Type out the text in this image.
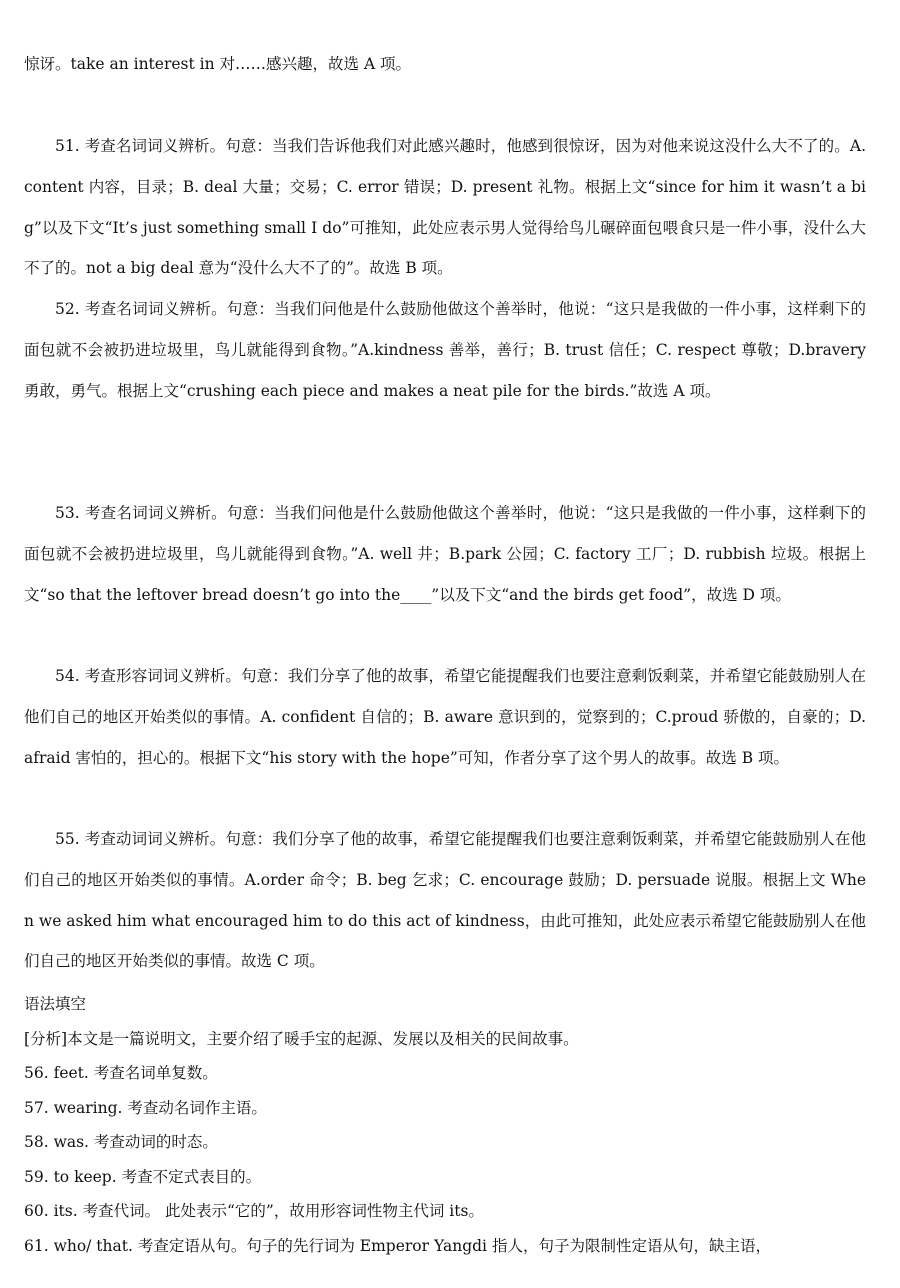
惊讶。take an interest in 对……感兴趣，故选 A 项。

51. 考查名词词义辨析。句意：当我们告诉他我们对此感兴趣时，他感到很惊讶，因为对他来说这没什么大不了的。A.content 内容，目录；B. deal 大量；交易；C. error 错误；D. present 礼物。根据上文“since for him it wasn’t a big”以及下文“It’s just something small I do”可推知，此处应表示男人觉得给鸟儿碾碎面包喂食只是一件小事，没什么大不了的。not a big deal 意为“没什么大不了的”。故选 B 项。

52. 考查名词词义辨析。句意：当我们问他是什么鼓励他做这个善举时，他说：“这只是我做的一件小事，这样剩下的面包就不会被扔进垃圾里，鸟儿就能得到食物。”A.kindness 善举，善行；B. trust 信任；C. respect 尊敬；D.bravery 勇敢，勇气。根据上文“crushing each piece and makes a neat pile for the birds.”故选 A 项。

53. 考查名词词义辨析。句意：当我们问他是什么鼓励他做这个善举时，他说：“这只是我做的一件小事，这样剩下的面包就不会被扔进垃圾里，鸟儿就能得到食物。”A. well 井；B.park 公园；C. factory 工厂；D. rubbish 垃圾。根据上文“so that the leftover bread doesn’t go into the____”以及下文“and the birds get food”，故选 D 项。

54. 考查形容词词义辨析。句意：我们分享了他的故事，希望它能提醒我们也要注意剩饭剩菜，并希望它能鼓励别人在他们自己的地区开始类似的事情。A. confident 自信的；B. aware 意识到的，觉察到的；C.proud 骄傲的，自豪的；D. afraid 害怕的，担心的。根据下文“his story with the hope”可知，作者分享了这个男人的故事。故选 B 项。

55. 考查动词词义辨析。句意：我们分享了他的故事，希望它能提醒我们也要注意剩饭剩菜，并希望它能鼓励别人在他们自己的地区开始类似的事情。A.order 命令；B. beg 乞求；C. encourage 鼓励；D. persuade 说服。根据上文 When we asked him what encouraged him to do this act of kindness，由此可推知，此处应表示希望它能鼓励别人在他们自己的地区开始类似的事情。故选 C 项。

语法填空
[分析]本文是一篇说明文，主要介绍了暖手宝的起源、发展以及相关的民间故事。
56. feet. 考查名词单复数。
57. wearing. 考查动名词作主语。
58. was. 考查动词的时态。
59. to keep. 考查不定式表目的。
60. its. 考查代词。 此处表示“它的”，故用形容词性物主代词 its。
61. who/ that. 考查定语从句。句子的先行词为 Emperor Yangdi 指人，句子为限制性定语从句，缺主语，
